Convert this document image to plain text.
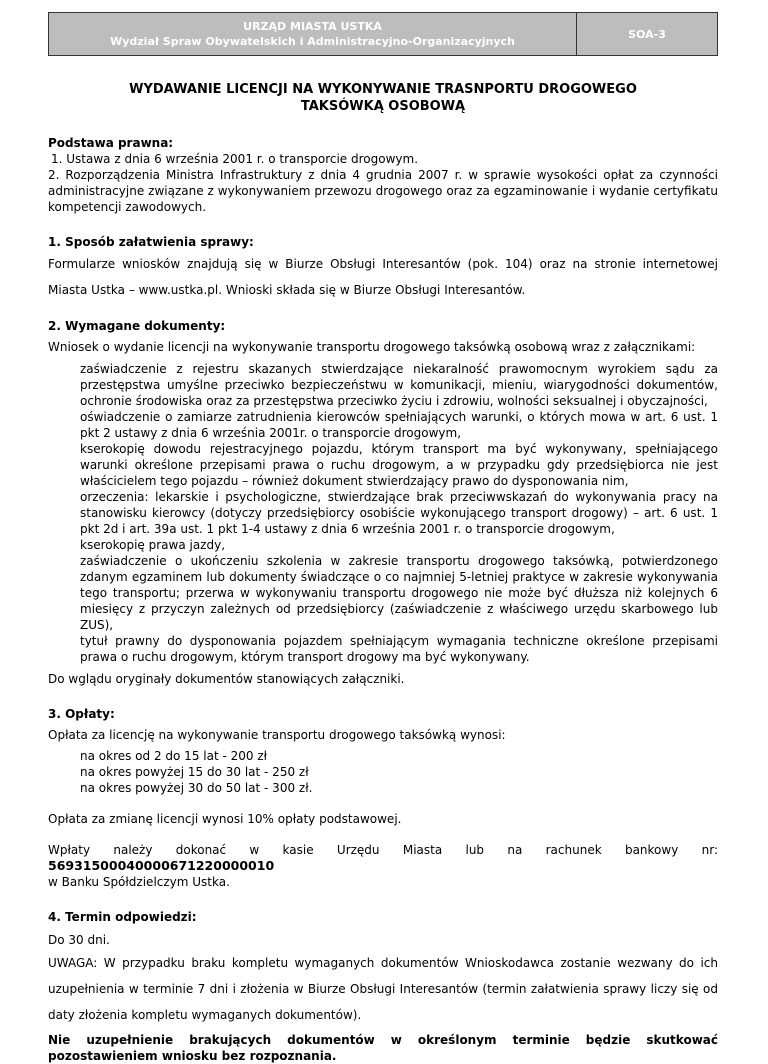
URZĄD MIASTA USTKA
Wydział Spraw Obywatelskich i Administracyjno-Organizacyjnych
SOA-3
WYDAWANIE LICENCJI NA WYKONYWANIE TRASNPORTU DROGOWEGO
TAKSÓWKĄ OSOBOWĄ
Podstawa prawna:
1. Ustawa z dnia 6 września 2001 r. o transporcie drogowym.
2. Rozporządzenia Ministra Infrastruktury z dnia 4 grudnia 2007 r. w sprawie wysokości opłat za czynności administracyjne związane z wykonywaniem przewozu drogowego oraz za egzaminowanie i wydanie certyfikatu kompetencji zawodowych.
1. Sposób załatwienia sprawy:
Formularze wniosków znajdują się w Biurze Obsługi Interesantów (pok. 104) oraz na stronie internetowej Miasta Ustka – www.ustka.pl. Wnioski składa się w Biurze Obsługi Interesantów.
2. Wymagane dokumenty:
Wniosek o wydanie licencji na wykonywanie transportu drogowego taksówką osobową wraz z załącznikami:
zaświadczenie z rejestru skazanych stwierdzające niekaralność prawomocnym wyrokiem sądu za przestępstwa umyślne przeciwko bezpieczeństwu w komunikacji, mieniu, wiarygodności dokumentów, ochronie środowiska oraz za przestępstwa przeciwko życiu i zdrowiu, wolności seksualnej i obyczajności,
oświadczenie o zamiarze zatrudnienia kierowców spełniających warunki, o których mowa w art. 6 ust. 1 pkt 2 ustawy z dnia 6 września 2001r. o transporcie drogowym,
kserokopię dowodu rejestracyjnego pojazdu, którym transport ma być wykonywany, spełniającego warunki określone przepisami prawa o ruchu drogowym, a w przypadku gdy przedsiębiorca nie jest właścicielem tego pojazdu – również dokument stwierdzający prawo do dysponowania nim,
orzeczenia: lekarskie i psychologiczne, stwierdzające brak przeciwwskazań do wykonywania pracy na stanowisku kierowcy (dotyczy przedsiębiorcy osobiście wykonującego transport drogowy) – art. 6 ust. 1 pkt 2d i art. 39a ust. 1 pkt 1-4 ustawy z dnia 6 września 2001 r. o transporcie drogowym,
kserokopię prawa jazdy,
zaświadczenie o ukończeniu szkolenia w zakresie transportu drogowego taksówką, potwierdzonego zdanym egzaminem lub dokumenty świadczące o co najmniej 5-letniej praktyce w zakresie wykonywania tego transportu; przerwa w wykonywaniu transportu drogowego nie może być dłuższa niż kolejnych 6 miesięcy z przyczyn zależnych od przedsiębiorcy (zaświadczenie z właściwego urzędu skarbowego lub ZUS),
tytuł prawny do dysponowania pojazdem spełniającym wymagania techniczne określone przepisami prawa o ruchu drogowym, którym transport drogowy ma być wykonywany.
Do wglądu oryginały dokumentów stanowiących załączniki.
3. Opłaty:
Opłata za licencję na wykonywanie transportu drogowego taksówką wynosi:
na okres od 2 do 15 lat - 200 zł
na okres powyżej 15 do 30 lat - 250 zł
na okres powyżej 30 do 50 lat - 300 zł.
Opłata za zmianę licencji wynosi 10% opłaty podstawowej.
Wpłaty należy dokonać w kasie Urzędu Miasta lub na rachunek bankowy nr: 56931500040000671220000010
w Banku Spółdzielczym Ustka.
4. Termin odpowiedzi:
Do 30 dni.
UWAGA: W przypadku braku kompletu wymaganych dokumentów Wnioskodawca zostanie wezwany do ich uzupełnienia w terminie 7 dni i złożenia w Biurze Obsługi Interesantów (termin załatwienia sprawy liczy się od daty złożenia kompletu wymaganych dokumentów).
Nie uzupełnienie brakujących dokumentów w określonym terminie będzie skutkować pozostawieniem wniosku bez rozpoznania.
